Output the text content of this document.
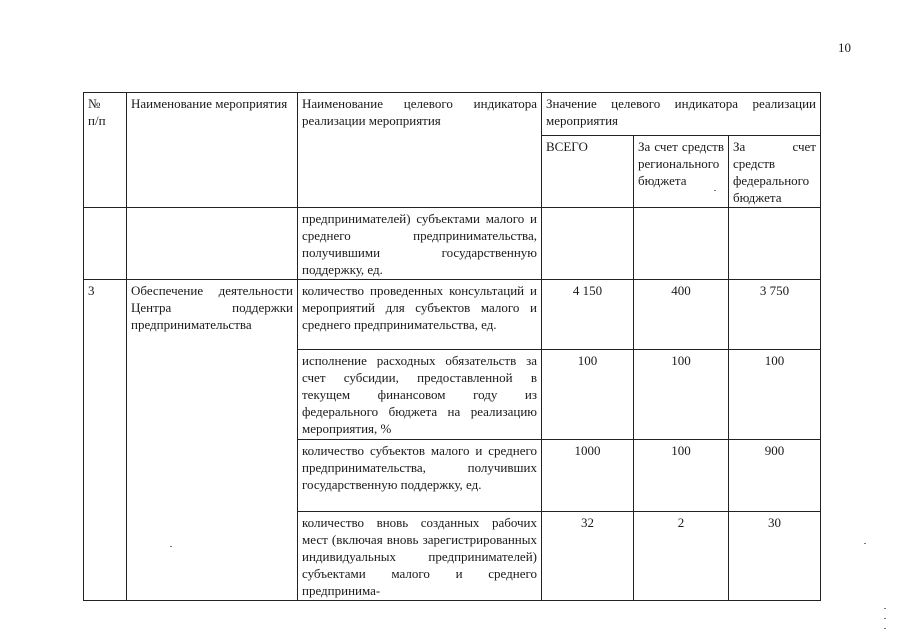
10
№
п/п	Наименование мероприятия	Наименование целевого индикатора реализации мероприятия	Значение целевого индикатора реализации мероприятия		
			ВСЕГО	За счет средств регионального бюджета	За счет средств федерального бюджета
		предпринимателей) субъектами малого и среднего предпринимательства, получившими государственную поддержку, ед.			
3	Обеспечение деятельности Центра поддержки предпринимательства	количество проведенных консультаций и мероприятий для субъектов малого и среднего предпринимательства, ед.	4 150	400	3 750
		исполнение расходных обязательств за счет субсидии, предоставленной в текущем финансовом году из федерального бюджета на реализацию мероприятия, %	100	100	100
		количество субъектов малого и среднего предпринимательства, получивших государственную поддержку, ед.	1000	100	900
		количество вновь созданных рабочих мест (включая вновь зарегистрированных индивидуальных предпринимателей) субъектами малого и среднего предпринима-	32	2	30
